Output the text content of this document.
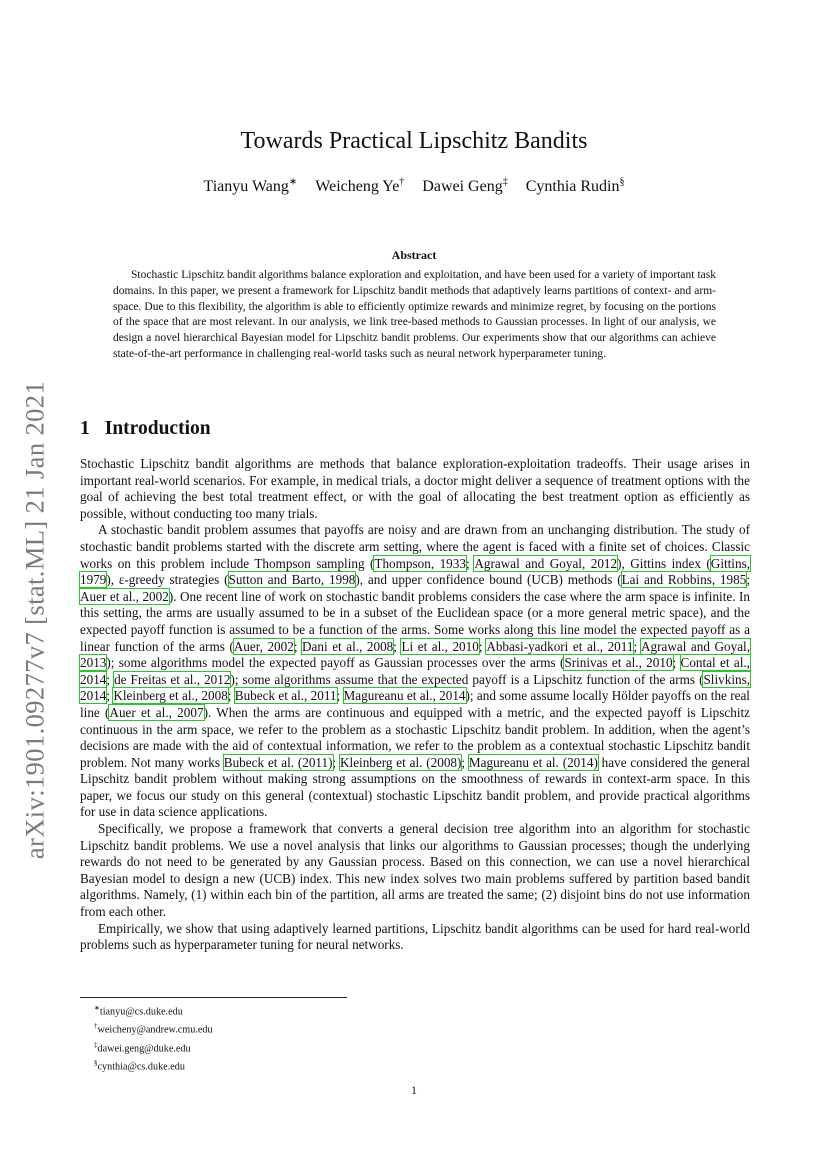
arXiv:1901.09277v7 [stat.ML] 21 Jan 2021
Towards Practical Lipschitz Bandits
Tianyu Wang∗ Weicheng Ye† Dawei Geng‡ Cynthia Rudin§
Abstract
Stochastic Lipschitz bandit algorithms balance exploration and exploitation, and have been used for a variety of important task domains. In this paper, we present a framework for Lipschitz bandit methods that adaptively learns partitions of context- and arm-space. Due to this flexibility, the algorithm is able to efficiently optimize rewards and minimize regret, by focusing on the portions of the space that are most relevant. In our analysis, we link tree-based methods to Gaussian processes. In light of our analysis, we design a novel hierarchical Bayesian model for Lipschitz bandit problems. Our experiments show that our algorithms can achieve state-of-the-art performance in challenging real-world tasks such as neural network hyperparameter tuning.
1 Introduction

Stochastic Lipschitz bandit algorithms are methods that balance exploration-exploitation tradeoffs. Their usage arises in important real-world scenarios. For example, in medical trials, a doctor might deliver a sequence of treatment options with the goal of achieving the best total treatment effect, or with the goal of allocating the best treatment option as efficiently as possible, without conducting too many trials.

A stochastic bandit problem assumes that payoffs are noisy and are drawn from an unchanging distribution. The study of stochastic bandit problems started with the discrete arm setting, where the agent is faced with a finite set of choices. Classic works on this problem include Thompson sampling (Thompson, 1933; Agrawal and Goyal, 2012), Gittins index (Gittins, 1979), ε-greedy strategies (Sutton and Barto, 1998), and upper confidence bound (UCB) methods (Lai and Robbins, 1985; Auer et al., 2002). One recent line of work on stochastic bandit problems considers the case where the arm space is infinite. In this setting, the arms are usually assumed to be in a subset of the Euclidean space (or a more general metric space), and the expected payoff function is assumed to be a function of the arms. Some works along this line model the expected payoff as a linear function of the arms (Auer, 2002; Dani et al., 2008; Li et al., 2010; Abbasi-yadkori et al., 2011; Agrawal and Goyal, 2013); some algorithms model the expected payoff as Gaussian processes over the arms (Srinivas et al., 2010; Contal et al., 2014; de Freitas et al., 2012); some algorithms assume that the expected payoff is a Lipschitz function of the arms (Slivkins, 2014; Kleinberg et al., 2008; Bubeck et al., 2011; Magureanu et al., 2014); and some assume locally Hölder payoffs on the real line (Auer et al., 2007). When the arms are continuous and equipped with a metric, and the expected payoff is Lipschitz continuous in the arm space, we refer to the problem as a stochastic Lipschitz bandit problem. In addition, when the agent’s decisions are made with the aid of contextual information, we refer to the problem as a contextual stochastic Lipschitz bandit problem. Not many works Bubeck et al. (2011); Kleinberg et al. (2008); Magureanu et al. (2014) have considered the general Lipschitz bandit problem without making strong assumptions on the smoothness of rewards in context-arm space. In this paper, we focus our study on this general (contextual) stochastic Lipschitz bandit problem, and provide practical algorithms for use in data science applications.

Specifically, we propose a framework that converts a general decision tree algorithm into an algorithm for stochastic Lipschitz bandit problems. We use a novel analysis that links our algorithms to Gaussian processes; though the underlying rewards do not need to be generated by any Gaussian process. Based on this connection, we can use a novel hierarchical Bayesian model to design a new (UCB) index. This new index solves two main problems suffered by partition based bandit algorithms. Namely, (1) within each bin of the partition, all arms are treated the same; (2) disjoint bins do not use information from each other.

Empirically, we show that using adaptively learned partitions, Lipschitz bandit algorithms can be used for hard real-world problems such as hyperparameter tuning for neural networks.

∗tianyu@cs.duke.edu
†weicheny@andrew.cmu.edu
‡dawei.geng@duke.edu
§cynthia@cs.duke.edu
1
